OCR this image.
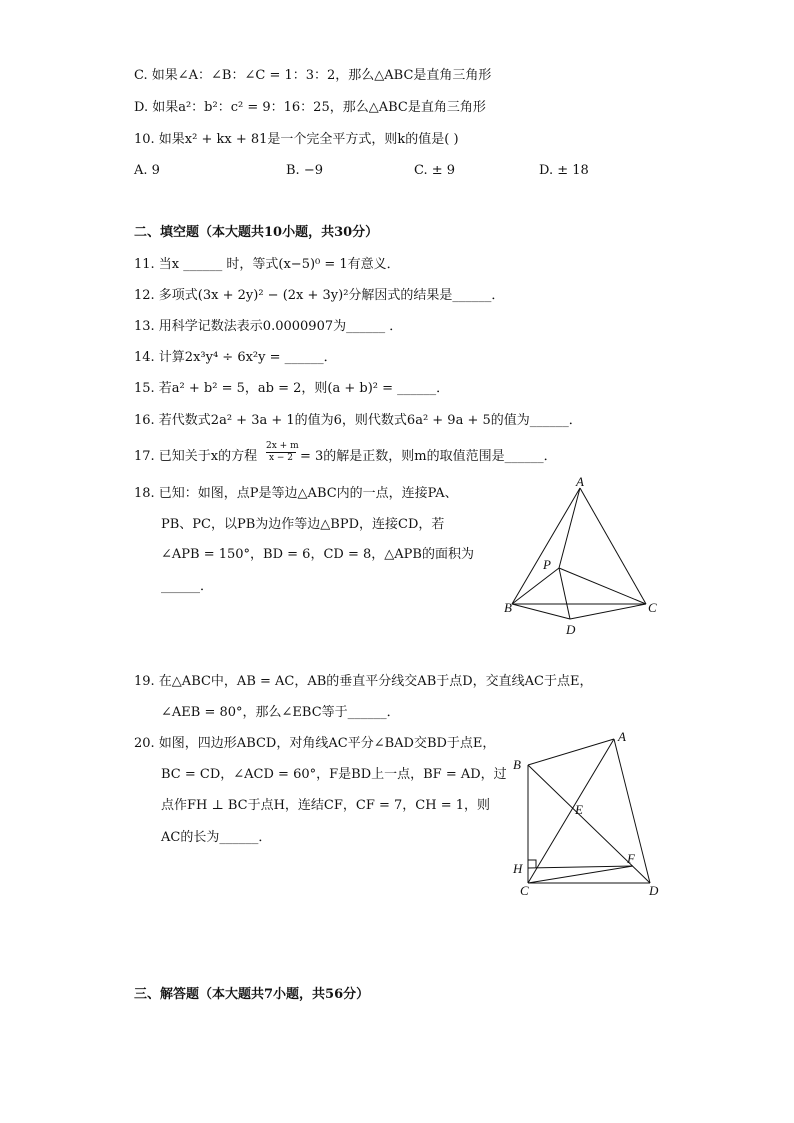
C. 如果∠A：∠B：∠C = 1：3：2，那么△ABC是直角三角形
D. 如果a²：b²：c² = 9：16：25，那么△ABC是直角三角形
10. 如果x² + kx + 81是一个完全平方式，则k的值是( )
A. 9	B. −9	C. ± 9	D. ± 18
二、填空题（本大题共10小题，共30分）
11. 当x ______ 时，等式(x−5)⁰ = 1有意义．
12. 多项式(3x + 2y)² − (2x + 3y)²分解因式的结果是______．
13. 用科学记数法表示0.0000907为______ ．
14. 计算2x³y⁴ ÷ 6x²y = ______．
15. 若a² + b² = 5，ab = 2，则(a + b)² = ______．
16. 若代数式2a² + 3a + 1的值为6，则代数式6a² + 9a + 5的值为______．
17. 已知关于x的方程 $\frac{2x + m}{x - 2} = 3$的解是正数，则m的取值范围是______．
18. 已知：如图，点P是等边△ABC内的一点，连接PA、
PB、PC，以PB为边作等边△BPD，连接CD，若
∠APB = 150°，BD = 6，CD = 8，△APB的面积为
______．
A
B	C
D
P
19. 在△ABC中，AB = AC，AB的垂直平分线交AB于点D，交直线AC于点E，
∠AEB = 80°，那么∠EBC等于______．
20. 如图，四边形ABCD，对角线AC平分∠BAD交BD于点E，
BC = CD，∠ACD = 60°，F是BD上一点，BF = AD，过
点作FH ⊥ BC于点H，连结CF，CF = 7，CH = 1，则
AC的长为______．
A
B
C	D
E
F
H
三、解答题（本大题共7小题，共56分）
